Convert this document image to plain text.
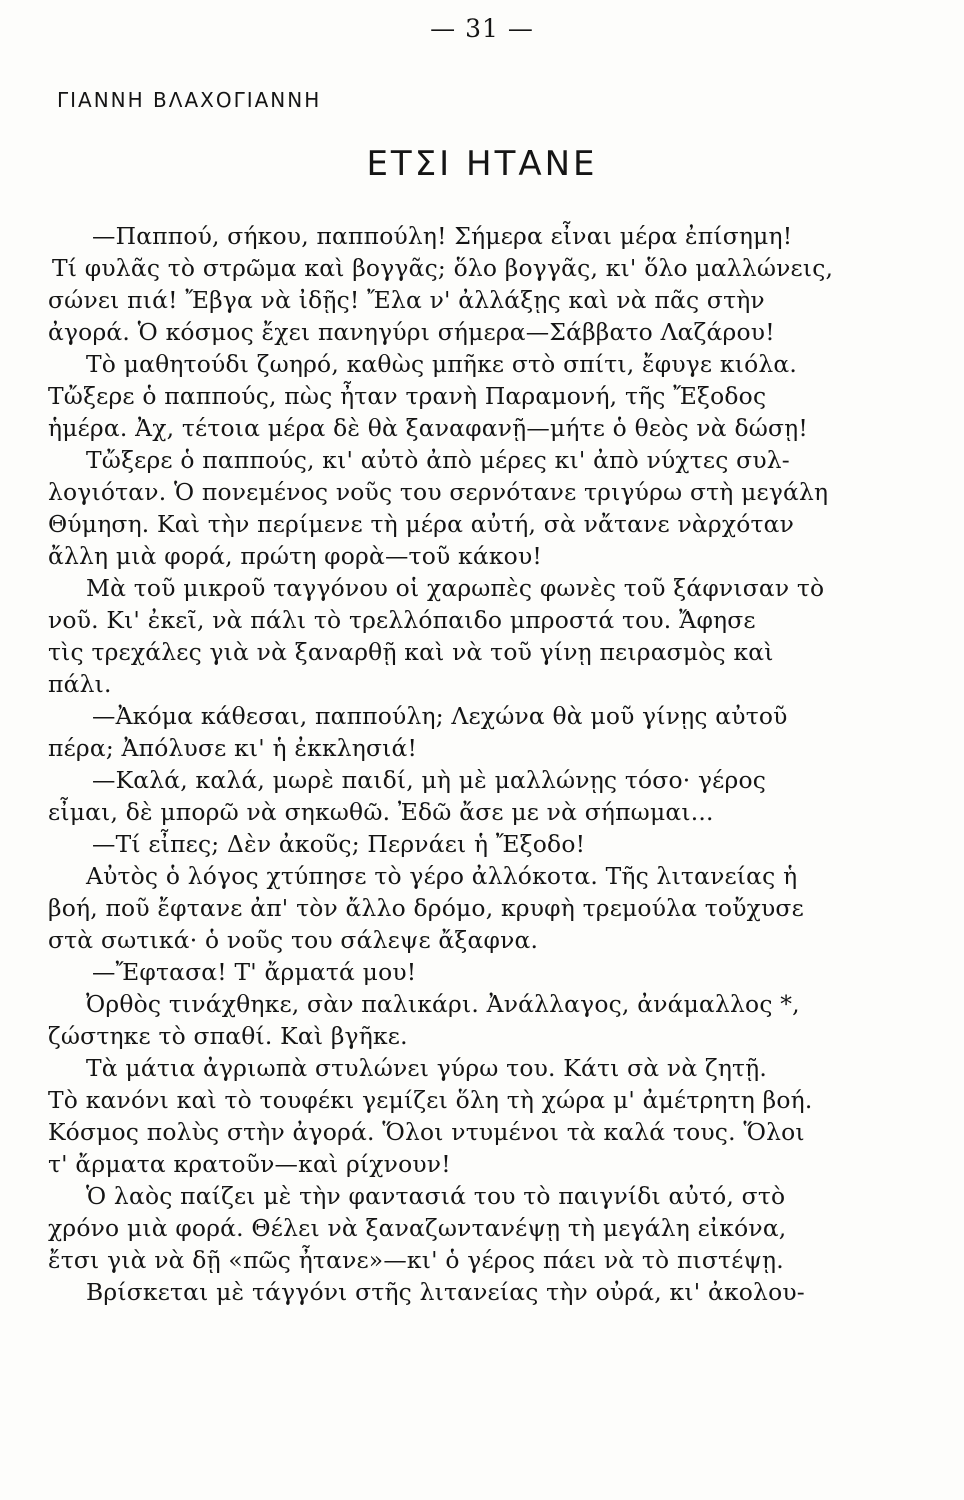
— 31 —
ΓΙΑΝΝΗ ΒΛΑΧΟΓΙΑΝΝΗ
ΕΤΣΙ ΗΤΑΝΕ
—Παππού, σήκου, παππούλη! Σήμερα εἶναι μέρα ἐπίσημη!
Τί φυλᾶς τὸ στρῶμα καὶ βογγᾶς; ὅλο βογγᾶς, κι' ὅλο μαλλώνεις,
σώνει πιά! Ἔβγα νὰ ἰδῇς! Ἔλα ν' ἀλλάξῃς καὶ νὰ πᾶς στὴν
ἀγορά. Ὁ κόσμος ἔχει πανηγύρι σήμερα—Σάββατο Λαζάρου!
Τὸ μαθητούδι ζωηρό, καθὼς μπῆκε στὸ σπίτι, ἔφυγε κιόλα.
Τὤξερε ὁ παππούς, πὼς ἦταν τρανὴ Παραμονή, τῆς Ἔξοδος
ἡμέρα. Ἀχ, τέτοια μέρα δὲ θὰ ξαναφανῇ—μήτε ὁ θεὸς νὰ δώσῃ!
Τὤξερε ὁ παππούς, κι' αὐτὸ ἀπὸ μέρες κι' ἀπὸ νύχτες συλ-
λογιόταν. Ὁ πονεμένος νοῦς του σερνότανε τριγύρω στὴ μεγάλη
Θύμηση. Καὶ τὴν περίμενε τὴ μέρα αὐτή, σὰ νἄτανε νὰρχόταν
ἄλλη μιὰ φορά, πρώτη φορὰ—τοῦ κάκου!
Μὰ τοῦ μικροῦ ταγγόνου οἱ χαρωπὲς φωνὲς τοῦ ξάφνισαν τὸ
νοῦ. Κι' ἐκεῖ, νὰ πάλι τὸ τρελλόπαιδο μπροστά του. Ἄφησε
τὶς τρεχάλες γιὰ νὰ ξαναρθῇ καὶ νὰ τοῦ γίνῃ πειρασμὸς καὶ
πάλι.
—Ἀκόμα κάθεσαι, παππούλη; Λεχώνα θὰ μοῦ γίνῃς αὐτοῦ
πέρα; Ἀπόλυσε κι' ἡ ἐκκλησιά!
—Καλά, καλά, μωρὲ παιδί, μὴ μὲ μαλλώνῃς τόσο· γέρος
εἶμαι, δὲ μπορῶ νὰ σηκωθῶ. Ἐδῶ ἄσε με νὰ σήπωμαι...
—Τί εἶπες; Δὲν ἀκοῦς; Περνάει ἡ Ἔξοδο!
Αὐτὸς ὁ λόγος χτύπησε τὸ γέρο ἀλλόκοτα. Τῆς λιτανείας ἡ
βοή, ποῦ ἔφτανε ἀπ' τὸν ἄλλο δρόμο, κρυφὴ τρεμούλα τοὔχυσε
στὰ σωτικά· ὁ νοῦς του σάλεψε ἄξαφνα.
—Ἔφτασα! Τ' ἄρματά μου!
Ὀρθὸς τινάχθηκε, σὰν παλικάρι. Ἀνάλλαγος, ἀνάμαλλος *,
ζώστηκε τὸ σπαθί. Καὶ βγῆκε.
Τὰ μάτια ἀγριωπὰ στυλώνει γύρω του. Κάτι σὰ νὰ ζητῇ.
Τὸ κανόνι καὶ τὸ τουφέκι γεμίζει ὅλη τὴ χώρα μ' ἀμέτρητη βοή.
Κόσμος πολὺς στὴν ἀγορά. Ὅλοι ντυμένοι τὰ καλά τους. Ὅλοι
τ' ἄρματα κρατοῦν—καὶ ρίχνουν!
Ὁ λαὸς παίζει μὲ τὴν φαντασιά του τὸ παιγνίδι αὐτό, στὸ
χρόνο μιὰ φορά. Θέλει νὰ ξαναζωντανέψῃ τὴ μεγάλη εἰκόνα,
ἔτσι γιὰ νὰ δῇ «πῶς ἦτανε»—κι' ὁ γέρος πάει νὰ τὸ πιστέψῃ.
Βρίσκεται μὲ τάγγόνι στῆς λιτανείας τὴν οὐρά, κι' ἀκολου-
